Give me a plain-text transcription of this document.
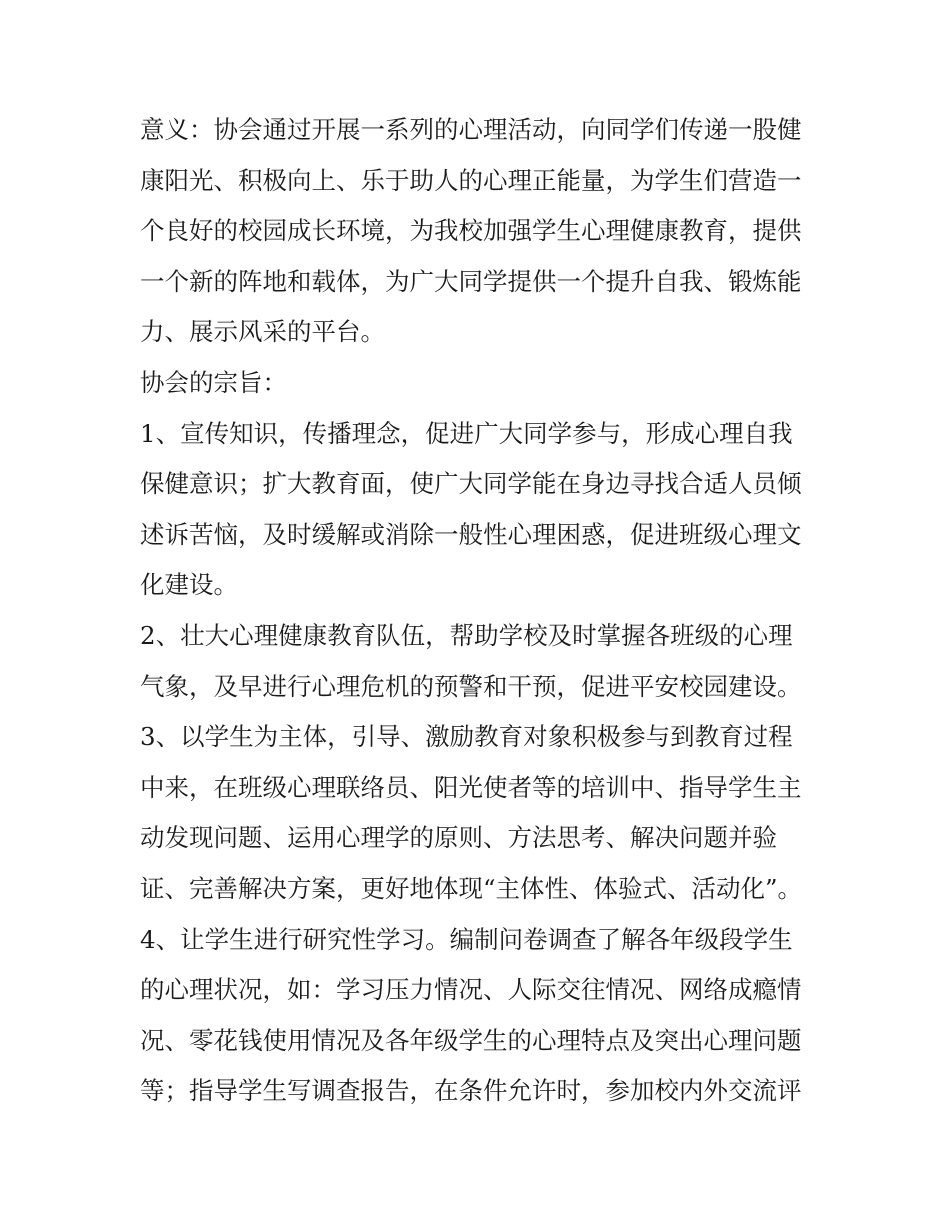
意义：协会通过开展一系列的心理活动，向同学们传递一股健
康阳光、积极向上、乐于助人的心理正能量，为学生们营造一
个良好的校园成长环境，为我校加强学生心理健康教育，提供
一个新的阵地和载体，为广大同学提供一个提升自我、锻炼能
力、展示风采的平台。
协会的宗旨：
1、宣传知识，传播理念，促进广大同学参与，形成心理自我
保健意识；扩大教育面，使广大同学能在身边寻找合适人员倾
述诉苦恼，及时缓解或消除一般性心理困惑，促进班级心理文
化建设。
2、壮大心理健康教育队伍，帮助学校及时掌握各班级的心理
气象，及早进行心理危机的预警和干预，促进平安校园建设。
3、以学生为主体，引导、激励教育对象积极参与到教育过程
中来，在班级心理联络员、阳光使者等的培训中、指导学生主
动发现问题、运用心理学的原则、方法思考、解决问题并验
证、完善解决方案，更好地体现“主体性、体验式、活动化”。
4、让学生进行研究性学习。编制问卷调查了解各年级段学生
的心理状况，如：学习压力情况、人际交往情况、网络成瘾情
况、零花钱使用情况及各年级学生的心理特点及突出心理问题
等；指导学生写调查报告，在条件允许时，参加校内外交流评
